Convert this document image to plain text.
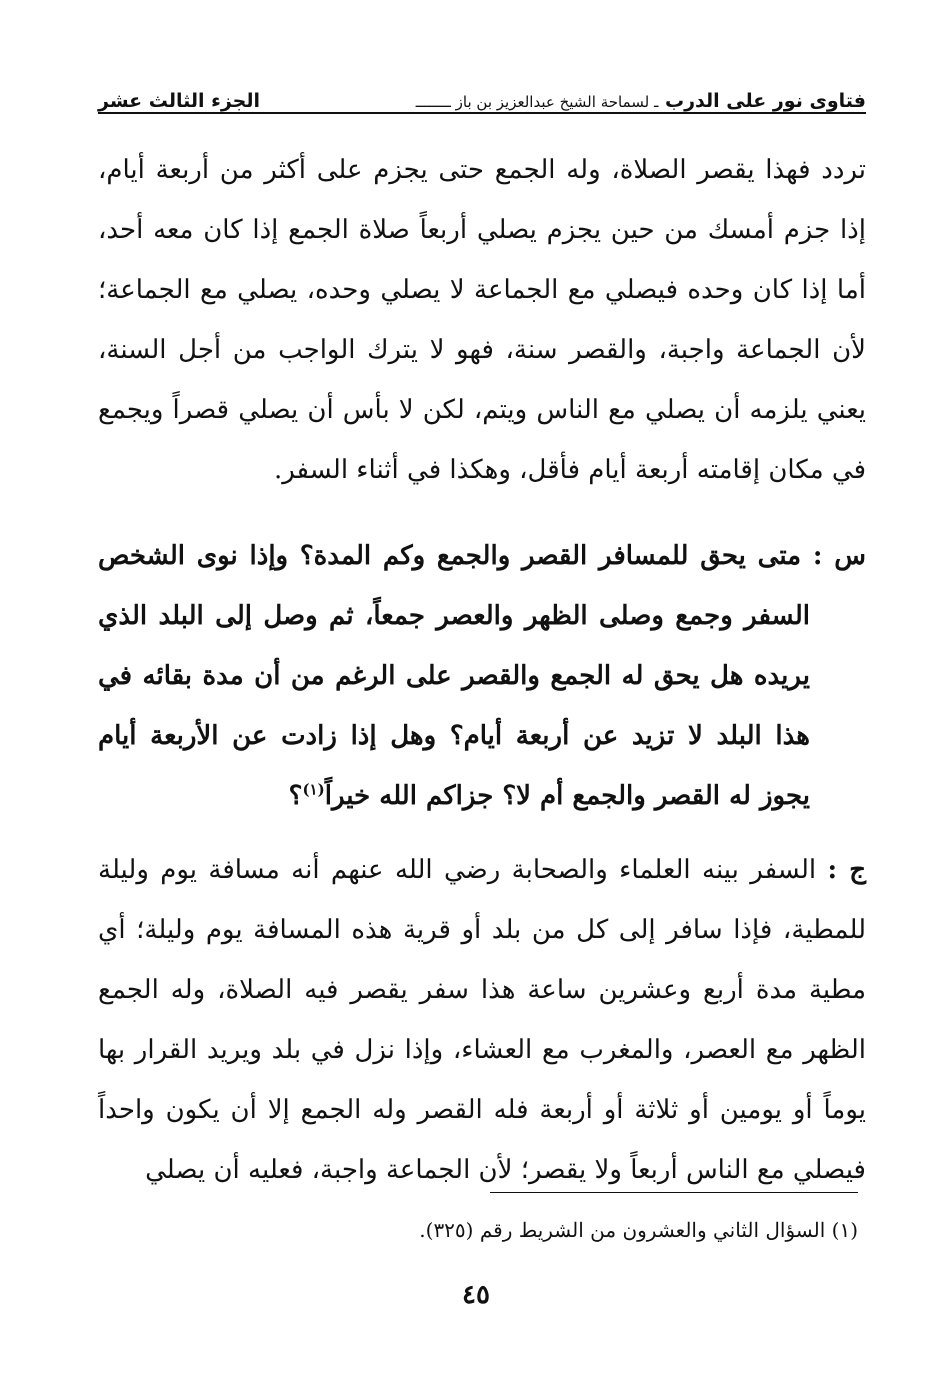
فتاوى نور على الدرب ـ لسماحة الشيخ عبدالعزيز بن باز ــــــــ
الجزء الثالث عشر

تردد فهذا يقصر الصلاة، وله الجمع حتى يجزم على أكثر من أربعة أيام، إذا جزم أمسك من حين يجزم يصلي أربعاً صلاة الجمع إذا كان معه أحد، أما إذا كان وحده فيصلي مع الجماعة لا يصلي وحده، يصلي مع الجماعة؛ لأن الجماعة واجبة، والقصر سنة، فهو لا يترك الواجب من أجل السنة، يعني يلزمه أن يصلي مع الناس ويتم، لكن لا بأس أن يصلي قصراً ويجمع في مكان إقامته أربعة أيام فأقل، وهكذا في أثناء السفر.

س : متى يحق للمسافر القصر والجمع وكم المدة؟ وإذا نوى الشخص السفر وجمع وصلى الظهر والعصر جمعاً، ثم وصل إلى البلد الذي يريده هل يحق له الجمع والقصر على الرغم من أن مدة بقائه في هذا البلد لا تزيد عن أربعة أيام؟ وهل إذا زادت عن الأربعة أيام يجوز له القصر والجمع أم لا؟ جزاكم الله خيراً$^{(١)}$؟

ج : السفر بينه العلماء والصحابة رضي الله عنهم أنه مسافة يوم وليلة للمطية، فإذا سافر إلى كل من بلد أو قرية هذه المسافة يوم وليلة؛ أي مطية مدة أربع وعشرين ساعة هذا سفر يقصر فيه الصلاة، وله الجمع الظهر مع العصر، والمغرب مع العشاء، وإذا نزل في بلد ويريد القرار بها يوماً أو يومين أو ثلاثة أو أربعة فله القصر وله الجمع إلا أن يكون واحداً فيصلي مع الناس أربعاً ولا يقصر؛ لأن الجماعة واجبة، فعليه أن يصلي

(١) السؤال الثاني والعشرون من الشريط رقم (٣٢٥).
٤٥
